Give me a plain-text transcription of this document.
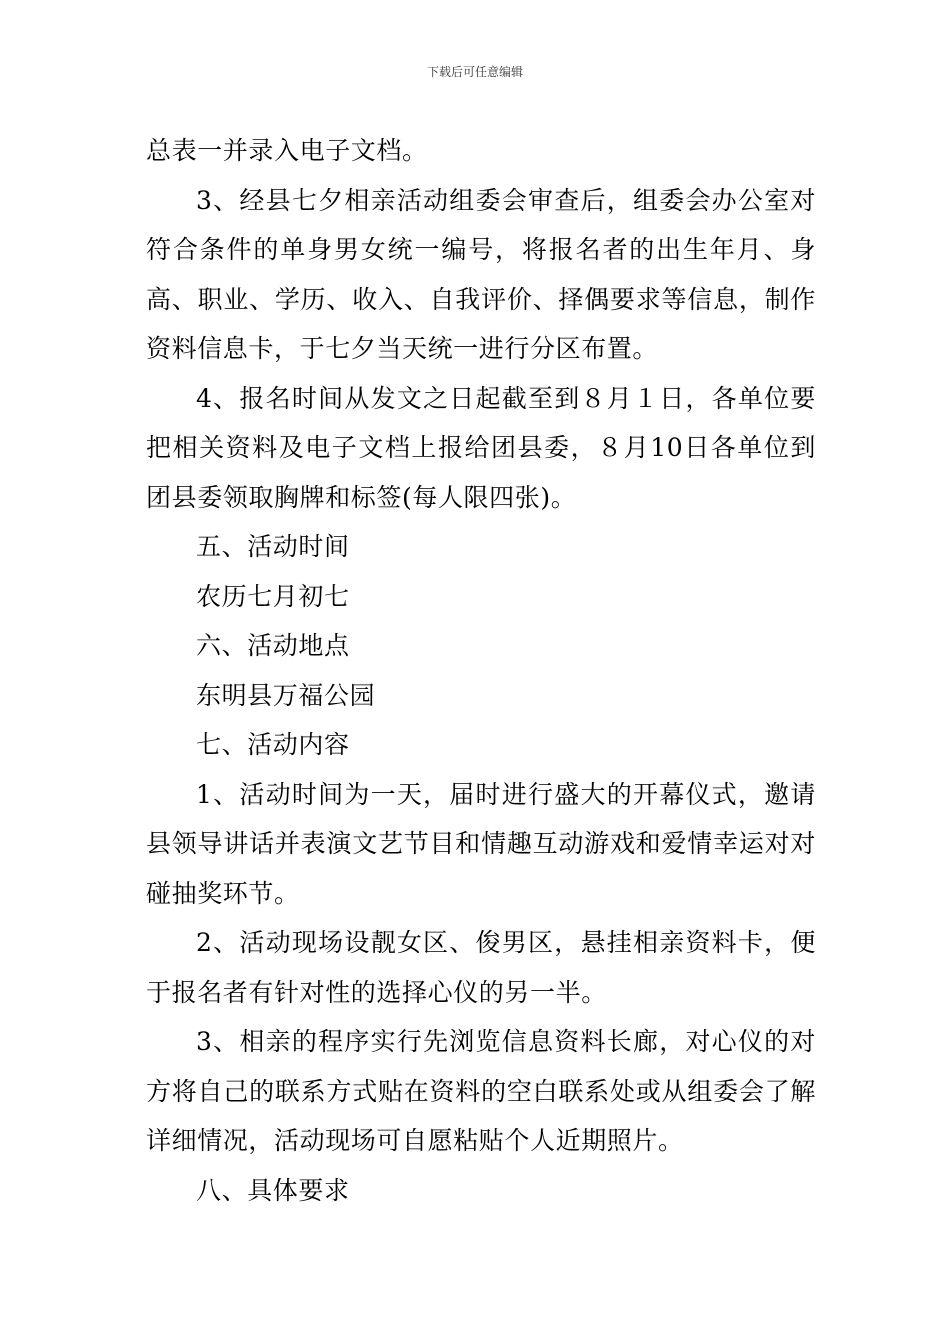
下载后可任意编辑

总表一并录入电子文档。

3、经县七夕相亲活动组委会审查后，组委会办公室对符合条件的单身男女统一编号，将报名者的出生年月、身高、职业、学历、收入、自我评价、择偶要求等信息，制作资料信息卡，于七夕当天统一进行分区布置。

4、报名时间从发文之日起截至到８月１日，各单位要把相关资料及电子文档上报给团县委，８月10日各单位到团县委领取胸牌和标签(每人限四张)。

五、活动时间

农历七月初七

六、活动地点

东明县万福公园

七、活动内容

1、活动时间为一天，届时进行盛大的开幕仪式，邀请县领导讲话并表演文艺节目和情趣互动游戏和爱情幸运对对碰抽奖环节。

2、活动现场设靓女区、俊男区，悬挂相亲资料卡，便于报名者有针对性的选择心仪的另一半。

3、相亲的程序实行先浏览信息资料长廊，对心仪的对方将自己的联系方式贴在资料的空白联系处或从组委会了解详细情况，活动现场可自愿粘贴个人近期照片。

八、具体要求
